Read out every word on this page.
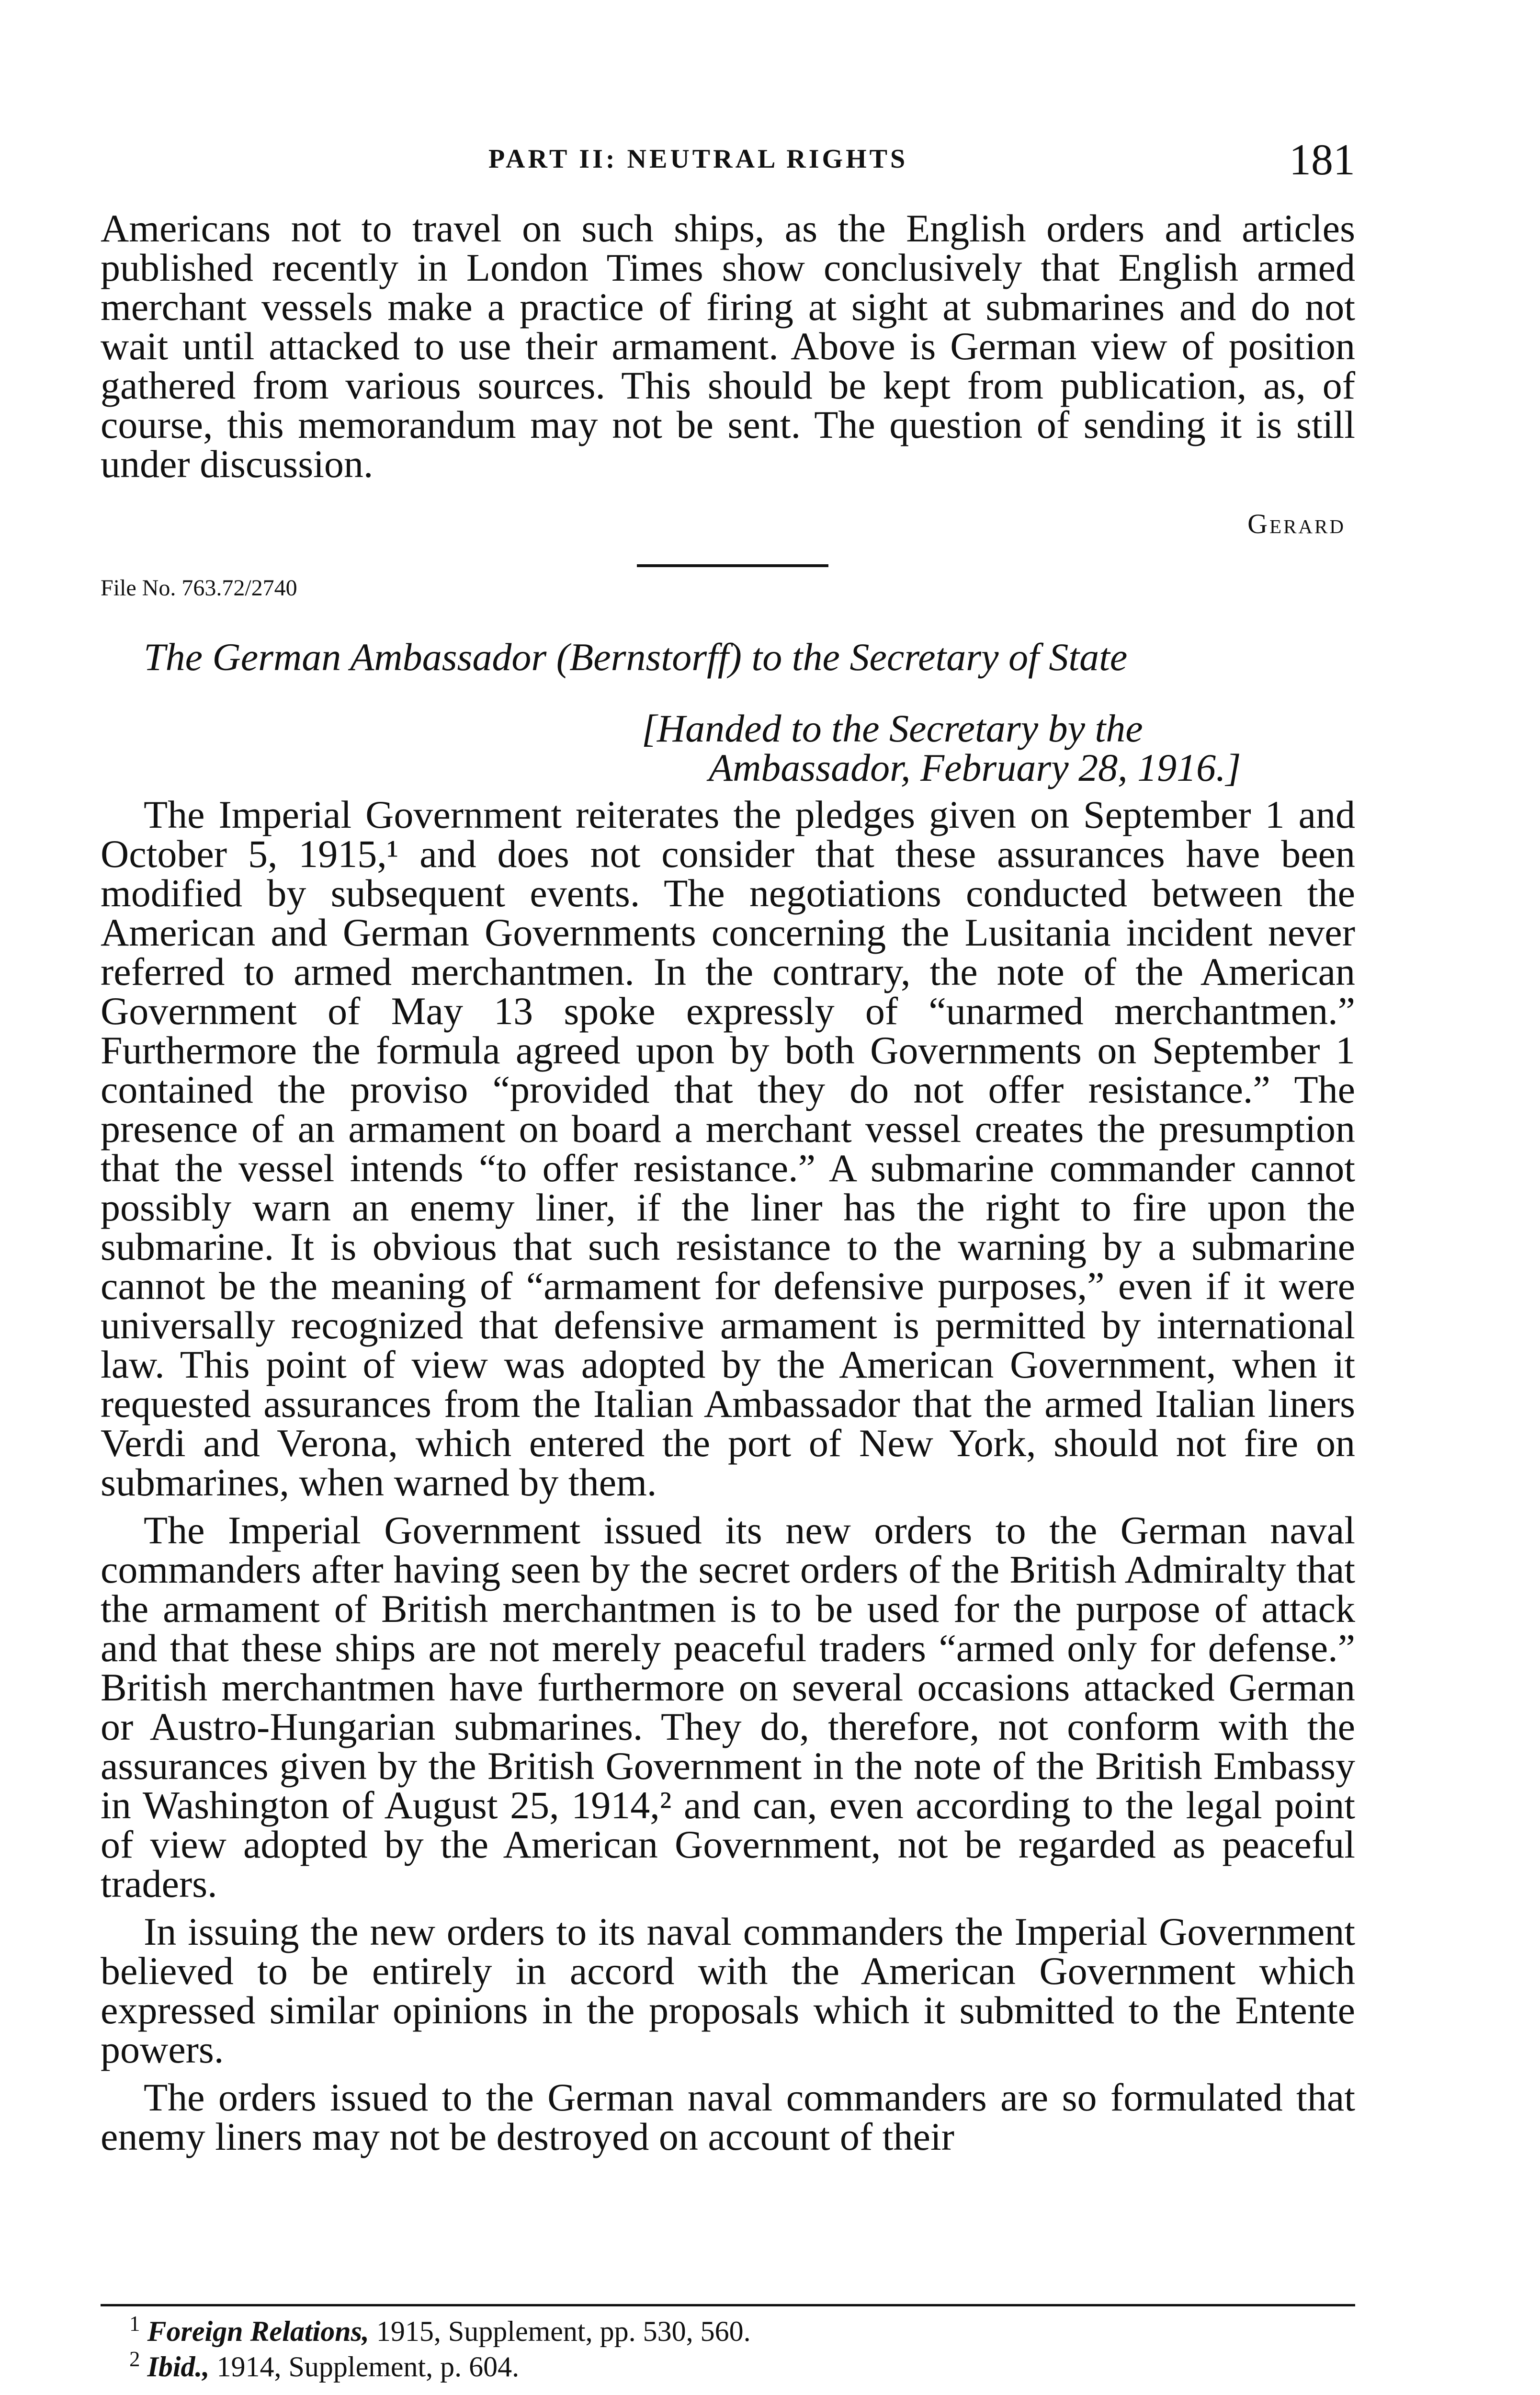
PART II: NEUTRAL RIGHTS	181

Americans not to travel on such ships, as the English orders and articles published recently in London Times show conclusively that English armed merchant vessels make a practice of firing at sight at submarines and do not wait until attacked to use their armament. Above is German view of position gathered from various sources. This should be kept from publication, as, of course, this memorandum may not be sent. The question of sending it is still under discussion.

Gerard
File No. 763.72/2740
The German Ambassador (Bernstorff) to the Secretary of State
[Handed to the Secretary by the
Ambassador, February 28, 1916.]

The Imperial Government reiterates the pledges given on September 1 and October 5, 1915,¹ and does not consider that these assurances have been modified by subsequent events. The negotiations conducted between the American and German Governments concerning the Lusitania incident never referred to armed merchantmen. In the contrary, the note of the American Government of May 13 spoke expressly of “unarmed merchantmen.” Furthermore the formula agreed upon by both Governments on September 1 contained the proviso “provided that they do not offer resistance.” The presence of an armament on board a merchant vessel creates the presumption that the vessel intends “to offer resistance.” A submarine commander cannot possibly warn an enemy liner, if the liner has the right to fire upon the submarine. It is obvious that such resistance to the warning by a submarine cannot be the meaning of “armament for defensive purposes,” even if it were universally recognized that defensive armament is permitted by international law. This point of view was adopted by the American Government, when it requested assurances from the Italian Ambassador that the armed Italian liners Verdi and Verona, which entered the port of New York, should not fire on submarines, when warned by them.

The Imperial Government issued its new orders to the German naval commanders after having seen by the secret orders of the British Admiralty that the armament of British merchantmen is to be used for the purpose of attack and that these ships are not merely peaceful traders “armed only for defense.” British merchantmen have furthermore on several occasions attacked German or Austro-Hungarian submarines. They do, therefore, not conform with the assurances given by the British Government in the note of the British Embassy in Washington of August 25, 1914,² and can, even according to the legal point of view adopted by the American Government, not be regarded as peaceful traders.

In issuing the new orders to its naval commanders the Imperial Government believed to be entirely in accord with the American Government which expressed similar opinions in the proposals which it submitted to the Entente powers.

The orders issued to the German naval commanders are so formulated that enemy liners may not be destroyed on account of their

$^1$ Foreign Relations, 1915, Supplement, pp. 530, 560.
$^2$ Ibid., 1914, Supplement, p. 604.
